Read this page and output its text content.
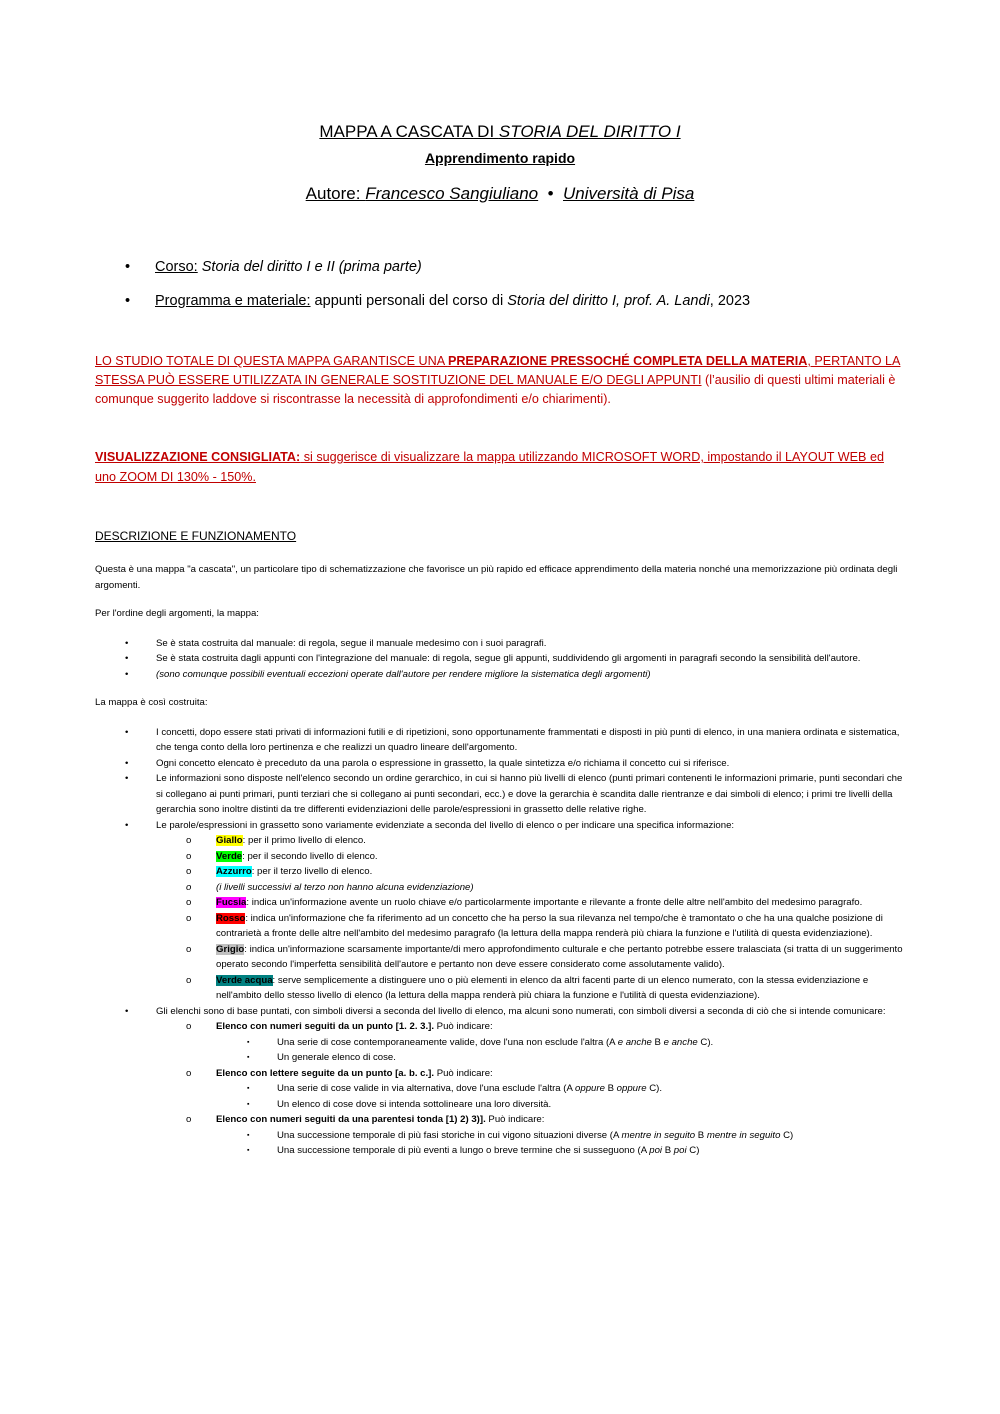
MAPPA A CASCATA DI STORIA DEL DIRITTO I
Apprendimento rapido
Autore: Francesco Sangiuliano • Università di Pisa
• Corso: Storia del diritto I e II (prima parte)
• Programma e materiale: appunti personali del corso di Storia del diritto I, prof. A. Landi, 2023
LO STUDIO TOTALE DI QUESTA MAPPA GARANTISCE UNA PREPARAZIONE PRESSOCHÉ COMPLETA DELLA MATERIA, PERTANTO LA STESSA PUÒ ESSERE UTILIZZATA IN GENERALE SOSTITUZIONE DEL MANUALE E/O DEGLI APPUNTI (l’ausilio di questi ultimi materiali è comunque suggerito laddove si riscontrasse la necessità di approfondimenti e/o chiarimenti).
VISUALIZZAZIONE CONSIGLIATA: si suggerisce di visualizzare la mappa utilizzando MICROSOFT WORD, impostando il LAYOUT WEB ed uno ZOOM DI 130% - 150%.
DESCRIZIONE E FUNZIONAMENTO

Questa è una mappa "a cascata", un particolare tipo di schematizzazione che favorisce un più rapido ed efficace apprendimento della materia nonché una memorizzazione più ordinata degli argomenti.

Per l'ordine degli argomenti, la mappa:

•	Se è stata costruita dal manuale: di regola, segue il manuale medesimo con i suoi paragrafi.
•	Se è stata costruita dagli appunti con l'integrazione del manuale: di regola, segue gli appunti, suddividendo gli argomenti in paragrafi secondo la sensibilità dell'autore.
•	(sono comunque possibili eventuali eccezioni operate dall'autore per rendere migliore la sistematica degli argomenti)

La mappa è così costruita:

•	I concetti, dopo essere stati privati di informazioni futili e di ripetizioni, sono opportunamente frammentati e disposti in più punti di elenco, in una maniera ordinata e sistematica, che tenga conto della loro pertinenza e che realizzi un quadro lineare dell'argomento.
•	Ogni concetto elencato è preceduto da una parola o espressione in grassetto, la quale sintetizza e/o richiama il concetto cui si riferisce.
•	Le informazioni sono disposte nell'elenco secondo un ordine gerarchico, in cui si hanno più livelli di elenco (punti primari contenenti le informazioni primarie, punti secondari che si collegano ai punti primari, punti terziari che si collegano ai punti secondari, ecc.) e dove la gerarchia è scandita dalle rientranze e dai simboli di elenco; i primi tre livelli della gerarchia sono inoltre distinti da tre differenti evidenziazioni delle parole/espressioni in grassetto delle relative righe.
•	Le parole/espressioni in grassetto sono variamente evidenziate a seconda del livello di elenco o per indicare una specifica informazione:
o	Giallo: per il primo livello di elenco.
o	Verde: per il secondo livello di elenco.
o	Azzurro: per il terzo livello di elenco.
o	(i livelli successivi al terzo non hanno alcuna evidenziazione)
o	Fucsia: indica un'informazione avente un ruolo chiave e/o particolarmente importante e rilevante a fronte delle altre nell'ambito del medesimo paragrafo.
o	Rosso: indica un'informazione che fa riferimento ad un concetto che ha perso la sua rilevanza nel tempo/che è tramontato o che ha una qualche posizione di contrarietà a fronte delle altre nell'ambito del medesimo paragrafo (la lettura della mappa renderà più chiara la funzione e l'utilità di questa evidenziazione).
o	Grigio: indica un'informazione scarsamente importante/di mero approfondimento culturale e che pertanto potrebbe essere tralasciata (si tratta di un suggerimento operato secondo l'imperfetta sensibilità dell'autore e pertanto non deve essere considerato come assolutamente valido).
o	Verde acqua: serve semplicemente a distinguere uno o più elementi in elenco da altri facenti parte di un elenco numerato, con la stessa evidenziazione e nell'ambito dello stesso livello di elenco (la lettura della mappa renderà più chiara la funzione e l'utilità di questa evidenziazione).
•	Gli elenchi sono di base puntati, con simboli diversi a seconda del livello di elenco, ma alcuni sono numerati, con simboli diversi a seconda di ciò che si intende comunicare:
o	Elenco con numeri seguiti da un punto [1. 2. 3.]. Può indicare:
▪	Una serie di cose contemporaneamente valide, dove l'una non esclude l'altra (A e anche B e anche C).
▪	Un generale elenco di cose.
o	Elenco con lettere seguite da un punto [a. b. c.]. Può indicare:
▪	Una serie di cose valide in via alternativa, dove l'una esclude l'altra (A oppure B oppure C).
▪	Un elenco di cose dove si intenda sottolineare una loro diversità.
o	Elenco con numeri seguiti da una parentesi tonda [1) 2) 3)]. Può indicare:
▪	Una successione temporale di più fasi storiche in cui vigono situazioni diverse (A mentre in seguito B mentre in seguito C)
▪	Una successione temporale di più eventi a lungo o breve termine che si susseguono (A poi B poi C)
